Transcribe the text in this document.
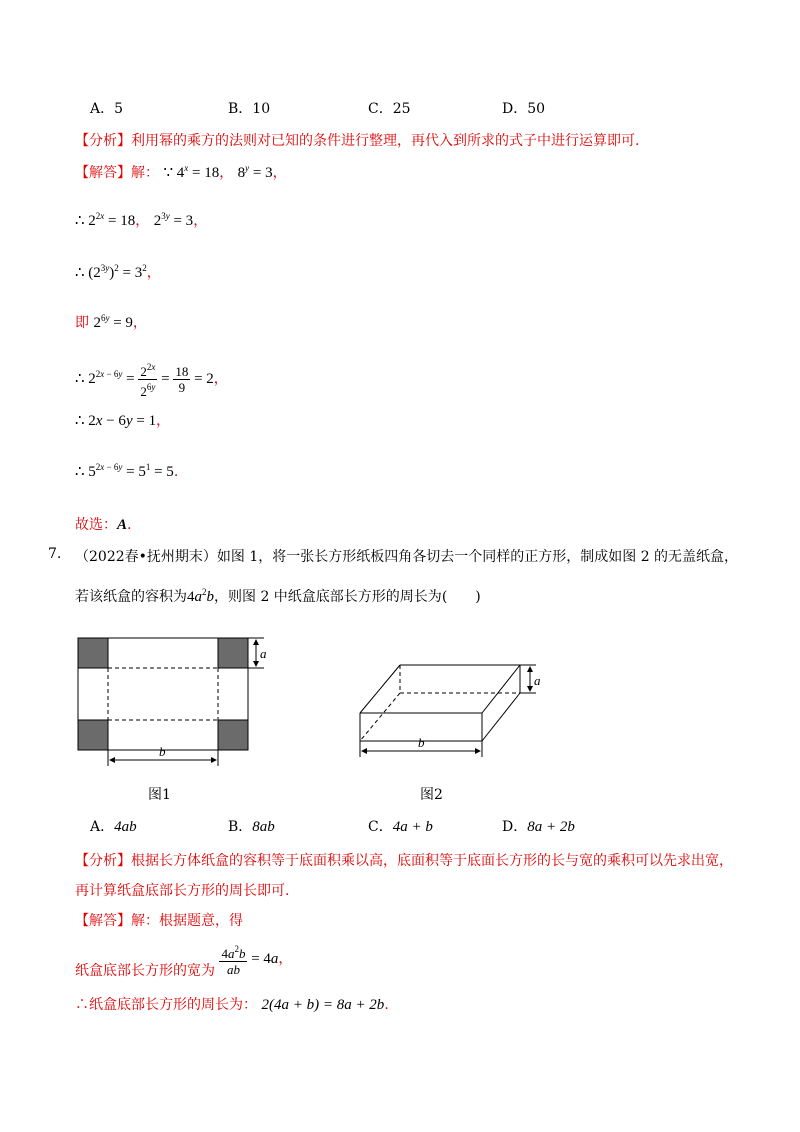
A．5	B．10	C．25	D．50
【分析】利用幂的乘方的法则对已知的条件进行整理，再代入到所求的式子中进行运算即可.
【解答】解： ∵ $4^x = 18$， $8^y = 3$，
∴ $2^{2x} = 18$， $2^{3y} = 3$，
∴ $(2^{3y})^2 = 3^2$，
即 $2^{6y} = 9$，
∴ $2^{2x - 6y} = \frac{2^{2x}}{2^{6y}} = \frac{18}{9} = 2$，
∴ 2x − 6y = 1，
∴ $5^{2x - 6y} = 5^1 = 5$.
故选：A.
7. （2022春•抚州期末）如图 1，将一张长方形纸板四角各切去一个同样的正方形，制成如图 2 的无盖纸盒，
若该纸盒的容积为$4a^2b$，则图 2 中纸盒底部长方形的周长为(　　)
a
b
图1
a
b
图2
A．4ab	B．8ab	C．4a + b	D．8a + 2b
【分析】根据长方体纸盒的容积等于底面积乘以高，底面积等于底面长方形的长与宽的乘积可以先求出宽，
再计算纸盒底部长方形的周长即可.
【解答】解：根据题意，得
纸盒底部长方形的宽为 $\frac{4a^2b}{ab} = 4a$，
∴纸盒底部长方形的周长为： 2(4a + b) = 8a + 2b.
